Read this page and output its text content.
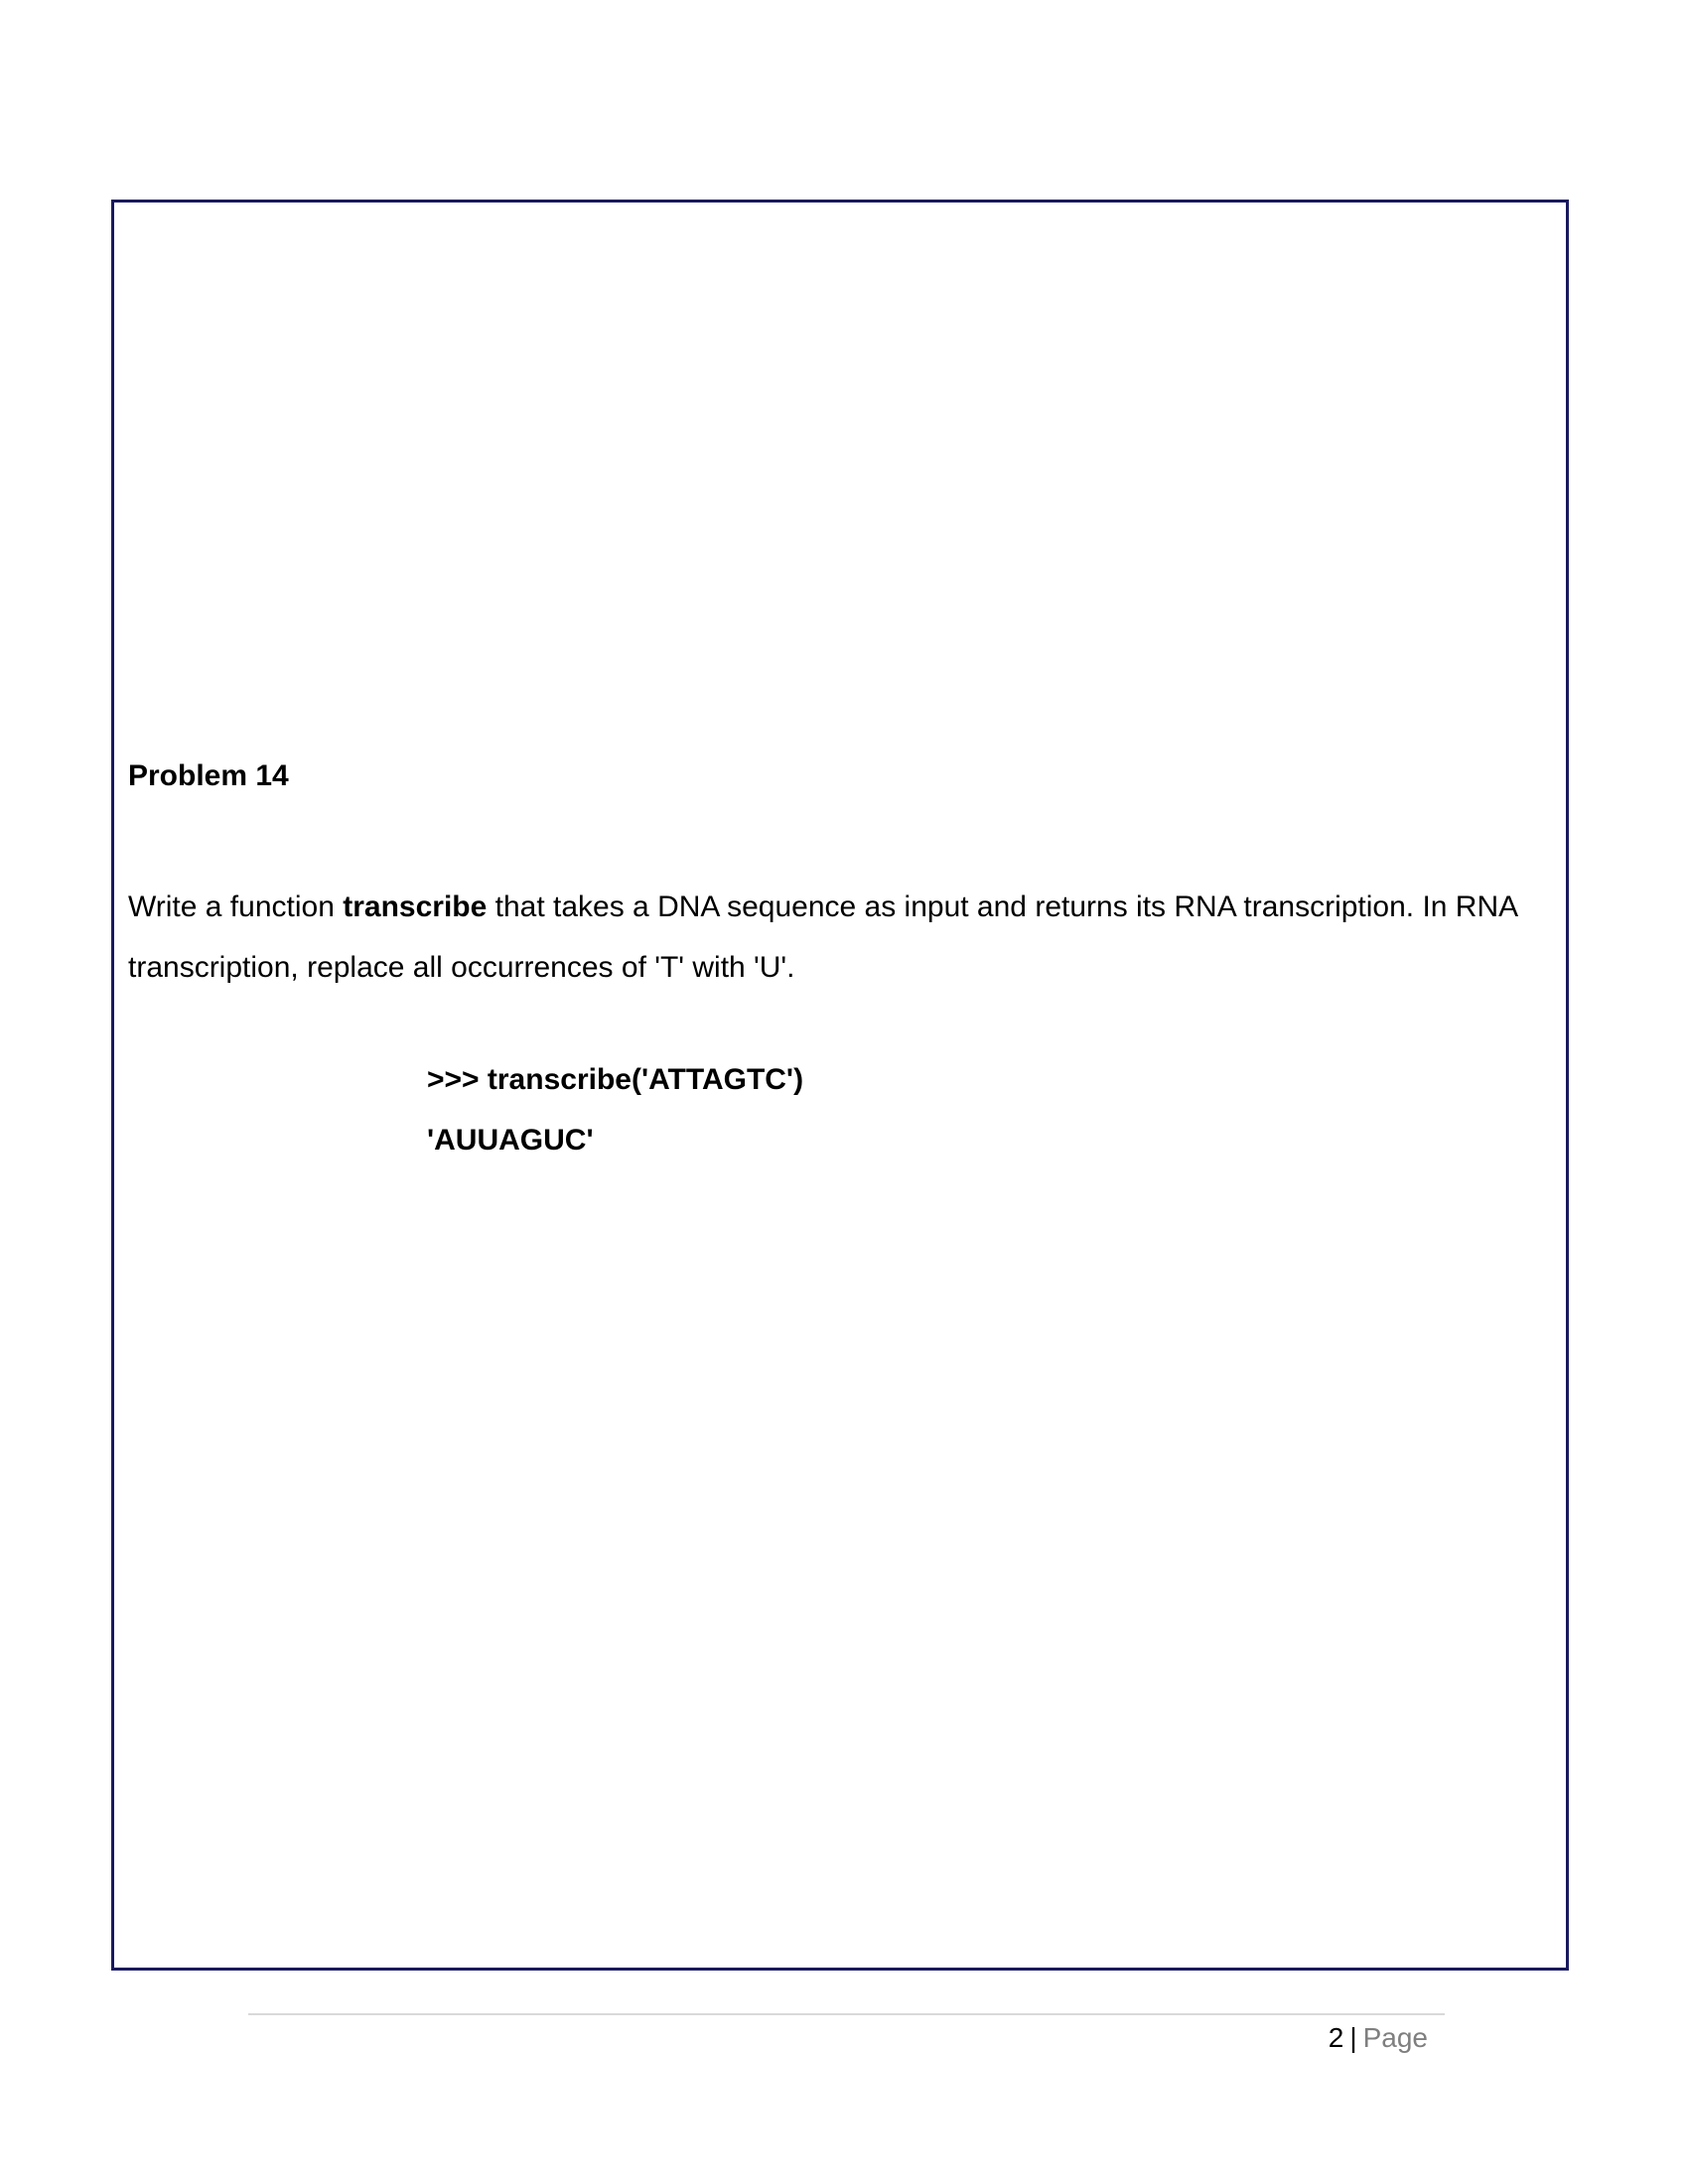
Problem 14
Write a function transcribe that takes a DNA sequence as input and returns its RNA transcription. In RNA transcription, replace all occurrences of 'T' with 'U'.
>>> transcribe('ATTAGTC')
'AUUAGUC'
2 | Page
